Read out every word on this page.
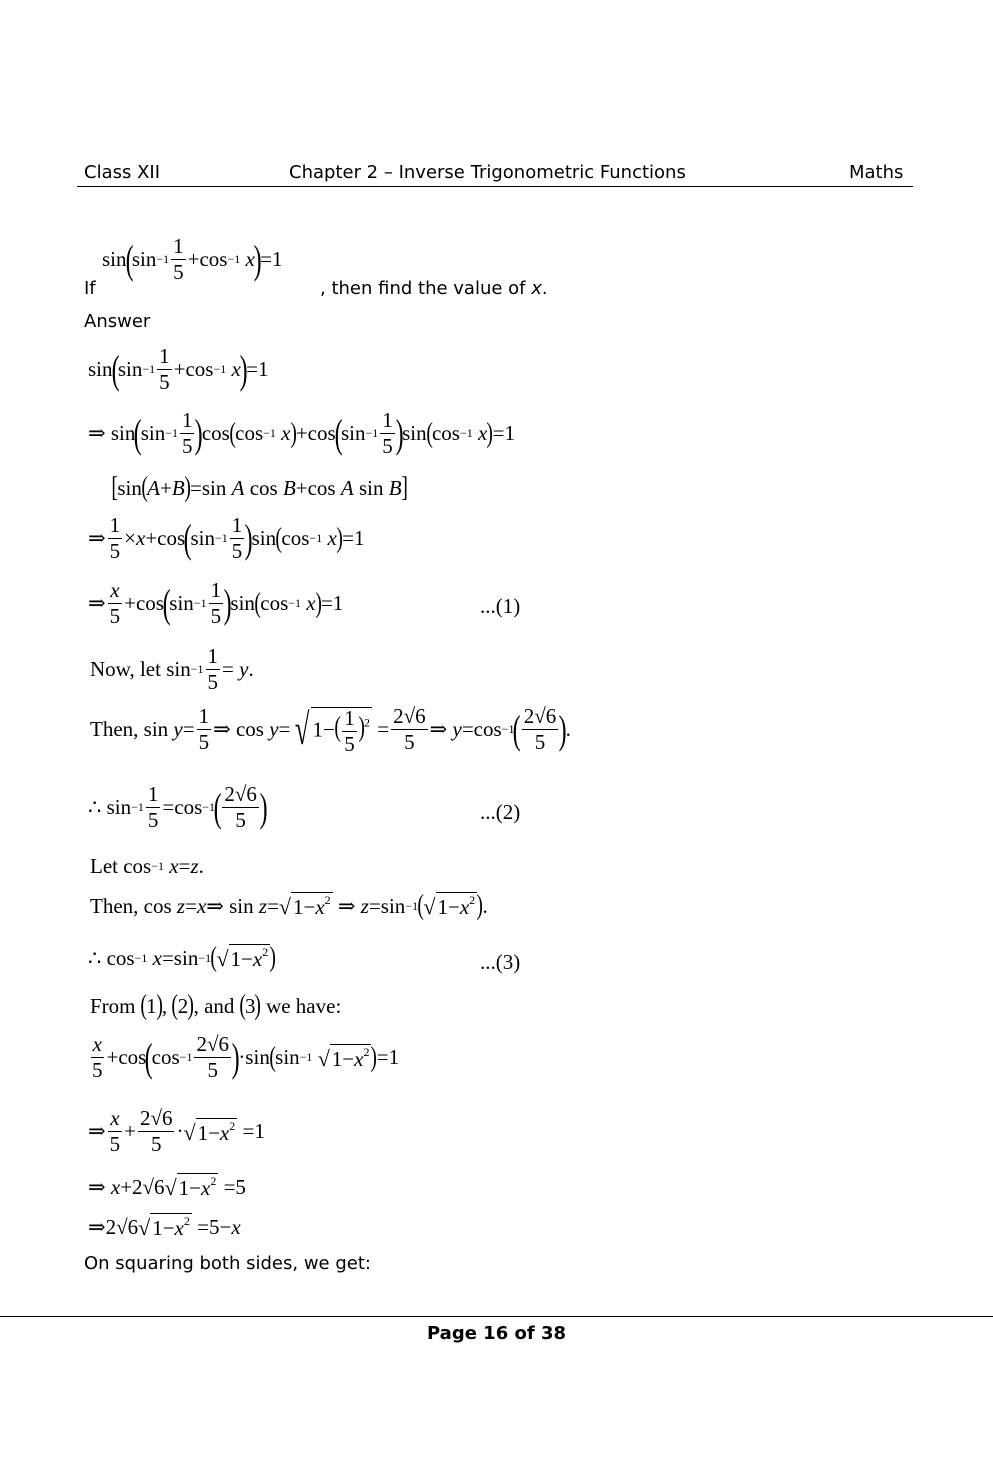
Class XII	Chapter 2 – Inverse Trigonometric Functions	Maths
If
sin
(
$\sin -1 \frac{1}{5} +\cos -1$
x
)
=1
, then find the value of x.
Answer
sin
(
$\sin -1 \frac{1}{5} +\cos -1$
x
)
=1
⇒ sin
(
$\sin -1 \frac{1}{5}$ )
cos ( cos −1
x ) +cos
(
$\sin -1 \frac{1}{5}$ )
sin ( cos −1
x ) =1
[ sin ( A + B ) =sin A cos B +cos A sin B ]
⇒ $\frac{1}{5} \times x +\cos$
(
$\sin -1 \frac{1}{5}$ )
sin ( cos −1
x ) =1
⇒ $\frac{x}{5} +\cos$
(
$\sin -1 \frac{1}{5}$ )
sin ( cos −1
x ) =1	...(1)
Now, let $\sin -1 \frac{1}{5} = y$ .
Then, $\sin y = \frac{1}{5}$ ⇒ cos y = √ $1-( \frac{1}{5} )^2 = \frac{2√6}{5}$ ⇒ y =cos −1
( $\frac{2√6}{5}$ )
.
∴ $\sin -1 \frac{1}{5} =\cos -1$
( $\frac{2√6}{5}$ )	...(2)
Let cos −1
x = z .
Then, cos z = x ⇒ sin z = √ $1-x^2$ ⇒ z =sin −1 ( √ $1-x^2$ ) .
∴ cos −1
x =sin −1 ( √ $1-x^2$ )	...(3)
From
( 1 ) , ( 2 ) , and
( 3 )
we have:
$\frac{x}{5} +\cos$
(
$\cos -1 \frac{2√6}{5}$ )
·sin ( sin −1
√ $1-x^2$ ) =1
⇒ $\frac{x}{5} + \frac{2√6}{5}$ · √ $1-x^2 =1$
⇒ x +2√6 √ $1-x^2 =5$
⇒2√6 √ $1-x^2 =5- x$
On squaring both sides, we get:
Page 16 of 38
